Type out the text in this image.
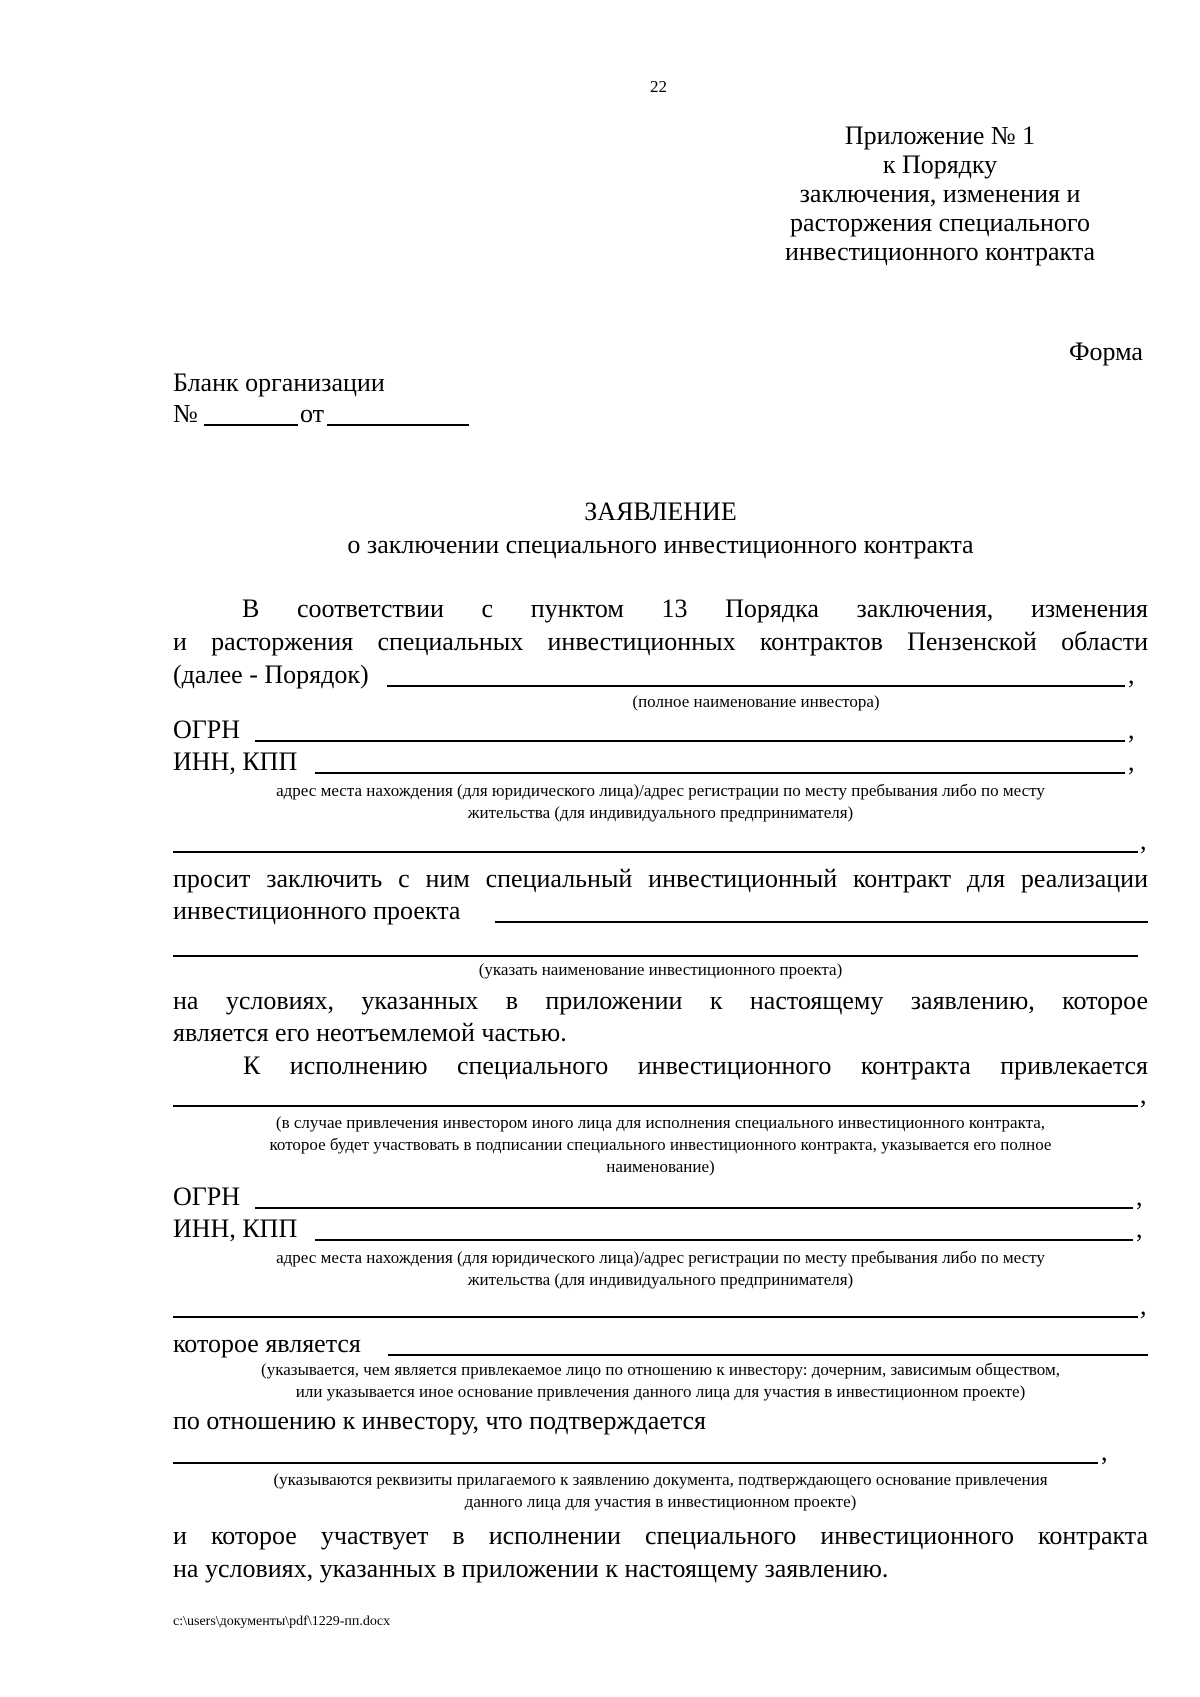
22
Приложение № 1
к Порядку
заключения, изменения и
расторжения специального
инвестиционного контракта
Форма
Бланк организации
№	от
ЗАЯВЛЕНИЕ
о заключении специального инвестиционного контракта
В соответствии с пунктом 13 Порядка заключения, изменения
и расторжения специальных инвестиционных контрактов Пензенской области
(далее - Порядок)	,
(полное наименование инвестора)
ОГРН	,
ИНН, КПП	,
адрес места нахождения (для юридического лица)/адрес регистрации по месту пребывания либо по месту
жительства (для индивидуального предпринимателя)
,
просит заключить с ним специальный инвестиционный контракт для реализации
инвестиционного проекта
(указать наименование инвестиционного проекта)
на условиях, указанных в приложении к настоящему заявлению, которое
является его неотъемлемой частью.
К исполнению специального инвестиционного контракта привлекается
,
(в случае привлечения инвестором иного лица для исполнения специального инвестиционного контракта,
которое будет участвовать в подписании специального инвестиционного контракта, указывается его полное
наименование)
ОГРН	,
ИНН, КПП	,
адрес места нахождения (для юридического лица)/адрес регистрации по месту пребывания либо по месту
жительства (для индивидуального предпринимателя)
,
которое является
(указывается, чем является привлекаемое лицо по отношению к инвестору: дочерним, зависимым обществом,
или указывается иное основание привлечения данного лица для участия в инвестиционном проекте)
по отношению к инвестору, что подтверждается
,
(указываются реквизиты прилагаемого к заявлению документа, подтверждающего основание привлечения
данного лица для участия в инвестиционном проекте)
и которое участвует в исполнении специального инвестиционного контракта
на условиях, указанных в приложении к настоящему заявлению.
c:\users\документы\pdf\1229-пп.docx
